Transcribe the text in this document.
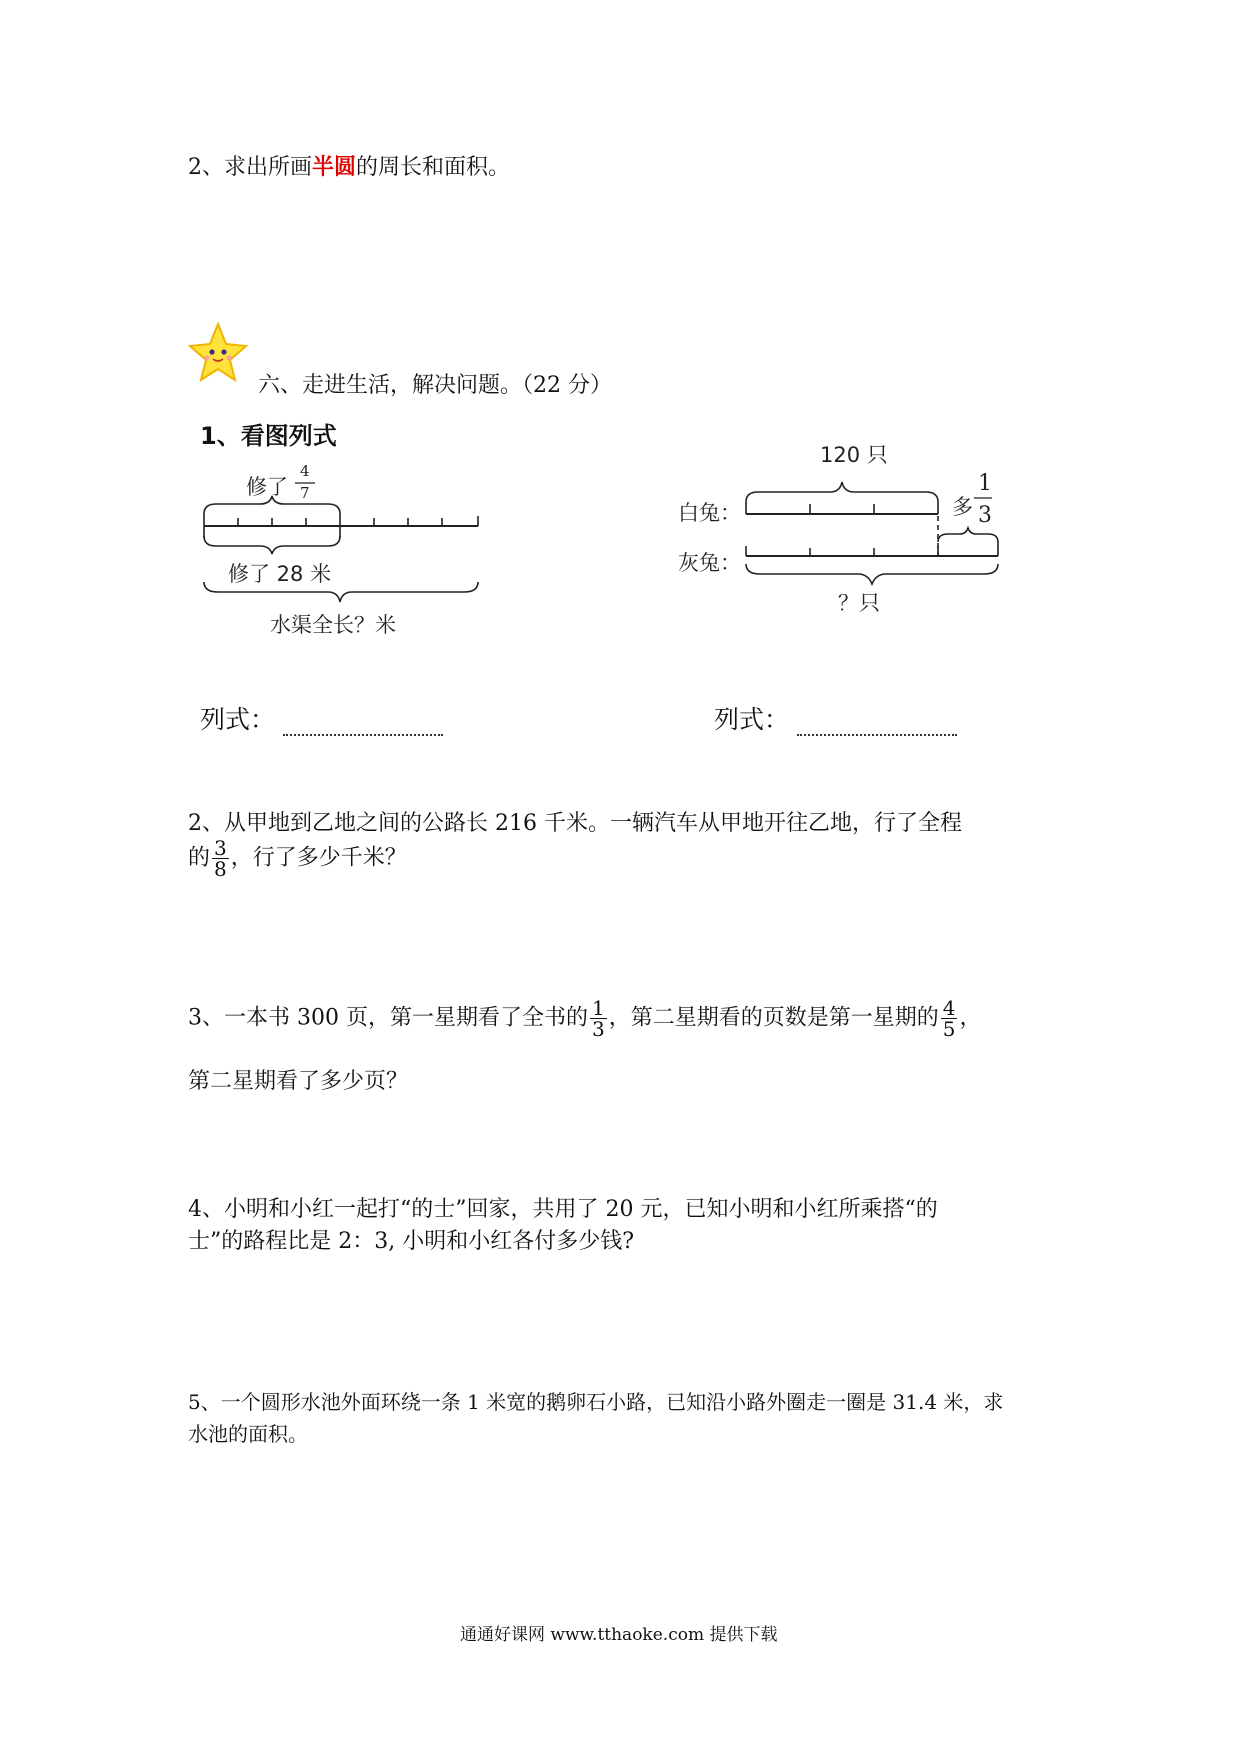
2、求出所画半圆的周长和面积。
六、走进生活，解决问题。（22 分）
1、看图列式
修了
4
7
修了 28 米
水渠全长？米
120 只
白兔：	多
1
3
灰兔：
？只
列式：	列式：
2、从甲地到乙地之间的公路长 216 千米。一辆汽车从甲地开往乙地，行了全程
的 $\frac{3}{8}$ ，行了多少千米？
3、一本书 300 页，第一星期看了全书的 $\frac{1}{3}$ ，第二星期看的页数是第一星期的 $\frac{4}{5}$ ，
第二星期看了多少页？
4、小明和小红一起打“的士”回家，共用了 20 元，已知小明和小红所乘搭“的
士”的路程比是 2：3, 小明和小红各付多少钱?
5、一个圆形水池外面环绕一条 1 米宽的鹅卵石小路，已知沿小路外圈走一圈是 31.4 米，求
水池的面积。
通通好课网 www.tthaoke.com 提供下载
